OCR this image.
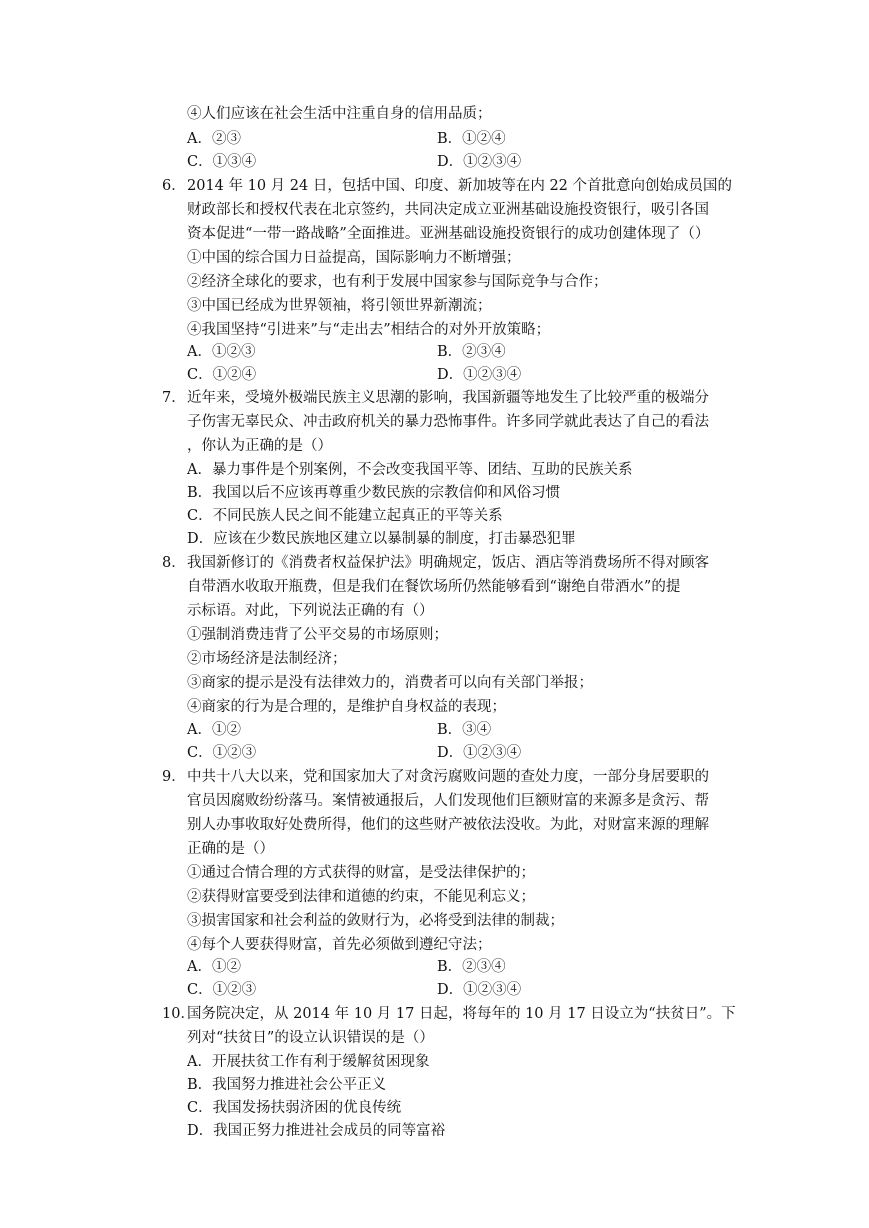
④人们应该在社会生活中注重自身的信用品质；
A．②③	B．①②④
C．①③④	D．①②③④
6． 2014 年 10 月 24 日，包括中国、印度、新加坡等在内 22 个首批意向创始成员国的
财政部长和授权代表在北京签约，共同决定成立亚洲基础设施投资银行，吸引各国
资本促进“一带一路战略”全面推进。亚洲基础设施投资银行的成功创建体现了（）
①中国的综合国力日益提高，国际影响力不断增强；
②经济全球化的要求，也有利于发展中国家参与国际竞争与合作；
③中国已经成为世界领袖，将引领世界新潮流；
④我国坚持“引进来”与“走出去”相结合的对外开放策略；
A．①②③	B．②③④
C．①②④	D．①②③④
7． 近年来，受境外极端民族主义思潮的影响，我国新疆等地发生了比较严重的极端分
子伤害无辜民众、冲击政府机关的暴力恐怖事件。许多同学就此表达了自己的看法
，你认为正确的是（）
A．暴力事件是个别案例，不会改变我国平等、团结、互助的民族关系
B．我国以后不应该再尊重少数民族的宗教信仰和风俗习惯
C．不同民族人民之间不能建立起真正的平等关系
D．应该在少数民族地区建立以暴制暴的制度，打击暴恐犯罪
8． 我国新修订的《消费者权益保护法》明确规定，饭店、酒店等消费场所不得对顾客
自带酒水收取开瓶费，但是我们在餐饮场所仍然能够看到“谢绝自带酒水”的提
示标语。对此，下列说法正确的有（）
①强制消费违背了公平交易的市场原则；
②市场经济是法制经济；
③商家的提示是没有法律效力的，消费者可以向有关部门举报；
④商家的行为是合理的，是维护自身权益的表现；
A．①②	B．③④
C．①②③	D．①②③④
9． 中共十八大以来，党和国家加大了对贪污腐败问题的查处力度，一部分身居要职的
官员因腐败纷纷落马。案情被通报后，人们发现他们巨额财富的来源多是贪污、帮
别人办事收取好处费所得，他们的这些财产被依法没收。为此，对财富来源的理解
正确的是（）
①通过合情合理的方式获得的财富，是受法律保护的；
②获得财富要受到法律和道德的约束，不能见利忘义；
③损害国家和社会利益的敛财行为，必将受到法律的制裁；
④每个人要获得财富，首先必须做到遵纪守法；
A．①②	B．②③④
C．①②③	D．①②③④
10．
国务院决定，从 2014 年 10 月 17 日起，将每年的 10 月 17 日设立为“扶贫日”。下
列对“扶贫日”的设立认识错误的是（）
A．开展扶贫工作有利于缓解贫困现象
B．我国努力推进社会公平正义
C．我国发扬扶弱济困的优良传统
D．我国正努力推进社会成员的同等富裕
